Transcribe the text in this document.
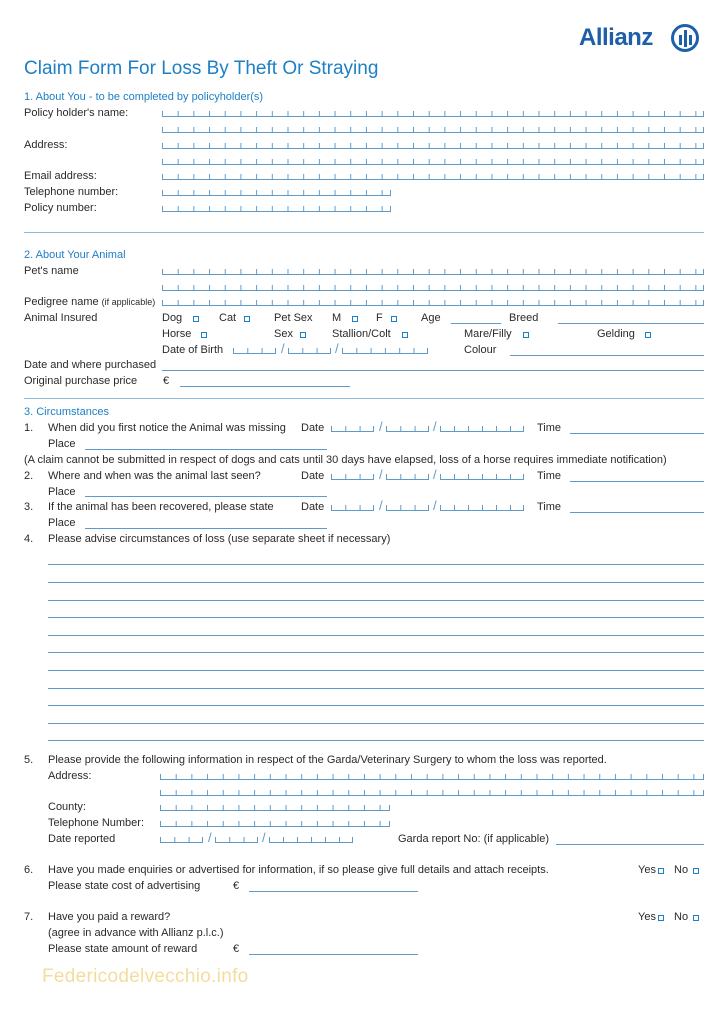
Allianz
Claim Form For Loss By Theft Or Straying
1. About You - to be completed by policyholder(s)
Policy holder's name:
Address:
Email address:
Telephone number:
Policy number:
2. About Your Animal
Pet's name
Pedigree name (if applicable)
Animal Insured	Dog	Cat	Pet Sex M	F	Age	Breed
Horse	Sex	Stallion/Colt	Mare/Filly	Gelding
Date of Birth	/	/	Colour
Date and where purchased
Original purchase price €
3. Circumstances
1. When did you first notice the Animal was missing Date	/	/	Time
Place
(A claim cannot be submitted in respect of dogs and cats until 30 days have elapsed, loss of a horse requires immediate notification)
2. Where and when was the animal last seen?	Date	/	/	Time
Place
3. If the animal has been recovered, please state Date	/	/	Time
Place
4. Please advise circumstances of loss (use separate sheet if necessary)
5. Please provide the following information in respect of the Garda/Veterinary Surgery to whom the loss was reported.
Address:
County:
Telephone Number:
Date reported	/	/	Garda report No: (if applicable)
6. Have you made enquiries or advertised for information, if so please give full details and attach receipts.	Yes No
Please state cost of advertising	€
7. Have you paid a reward?	Yes No
(agree in advance with Allianz p.l.c.)
Please state amount of reward	€
Federicodelvecchio.info
